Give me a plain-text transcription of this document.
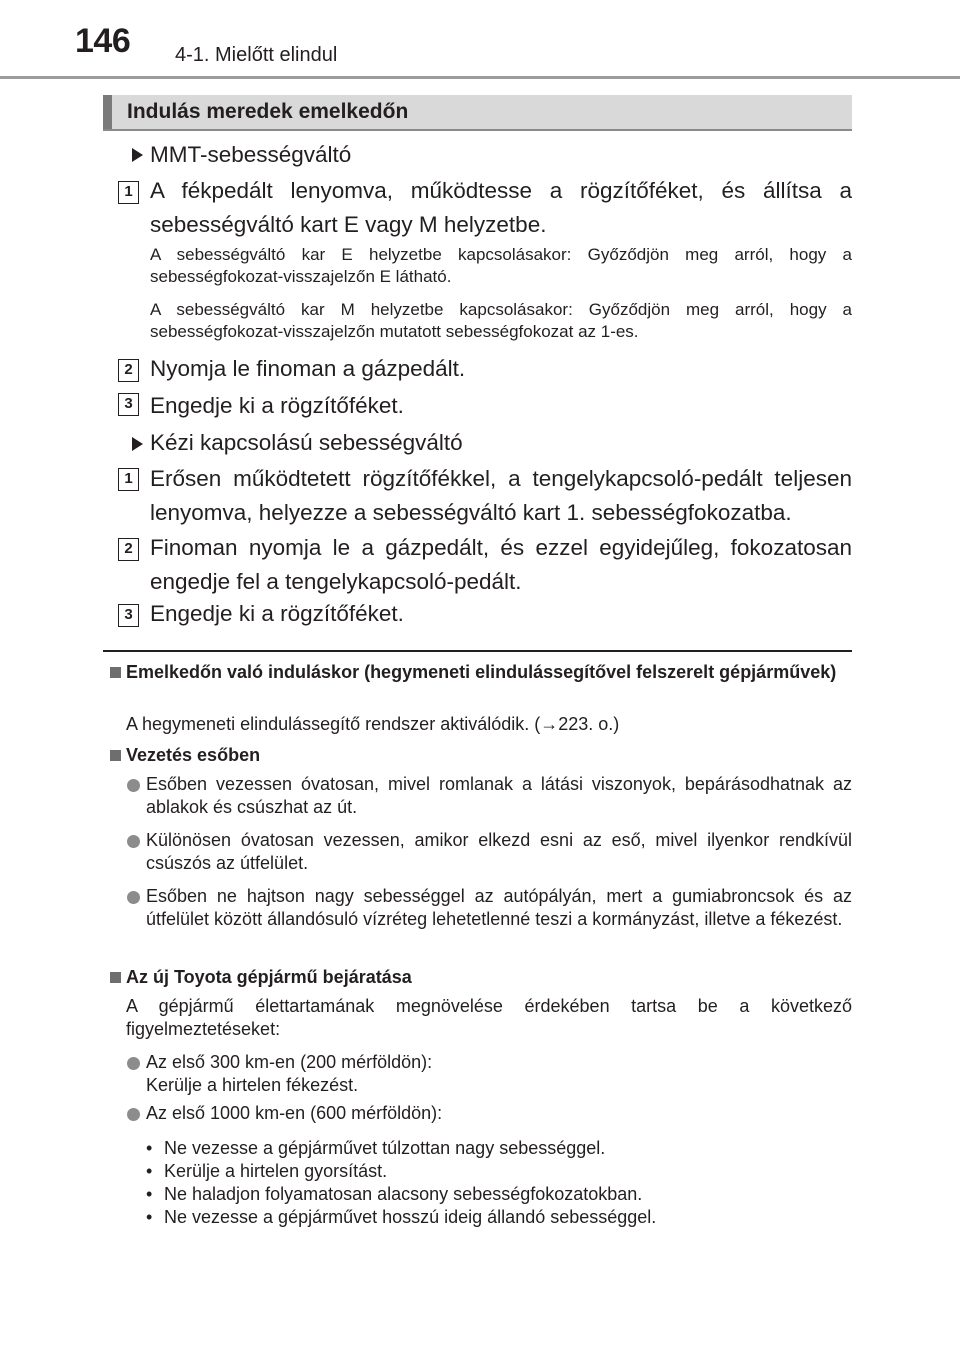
146 4-1. Mielőtt elindul
Indulás meredek emelkedőn
MMT-sebességváltó
1 A fékpedált lenyomva, működtesse a rögzítőféket, és állítsa a sebességváltó kart E vagy M helyzetbe.
A sebességváltó kar E helyzetbe kapcsolásakor: Győződjön meg arról, hogy a sebességfokozat-visszajelzőn E látható.
A sebességváltó kar M helyzetbe kapcsolásakor: Győződjön meg arról, hogy a sebességfokozat-visszajelzőn mutatott sebességfokozat az 1-es.
2 Nyomja le finoman a gázpedált.
3 Engedje ki a rögzítőféket.
Kézi kapcsolású sebességváltó
1 Erősen működtetett rögzítőfékkel, a tengelykapcsoló-pedált teljesen lenyomva, helyezze a sebességváltó kart 1. sebességfokozatba.
2 Finoman nyomja le a gázpedált, és ezzel egyidejűleg, fokozatosan engedje fel a tengelykapcsoló-pedált.
3 Engedje ki a rögzítőféket.
Emelkedőn való induláskor (hegymeneti elindulássegítővel felszerelt gépjárművek)
A hegymeneti elindulássegítő rendszer aktiválódik. (→223. o.)
Vezetés esőben
Esőben vezessen óvatosan, mivel romlanak a látási viszonyok, bepárásodhatnak az ablakok és csúszhat az út.
Különösen óvatosan vezessen, amikor elkezd esni az eső, mivel ilyenkor rendkívül csúszós az útfelület.
Esőben ne hajtson nagy sebességgel az autópályán, mert a gumiabroncsok és az útfelület között állandósuló vízréteg lehetetlenné teszi a kormányzást, illetve a fékezést.
Az új Toyota gépjármű bejáratása
A gépjármű élettartamának megnövelése érdekében tartsa be a következő figyelmeztetéseket:
Az első 300 km-en (200 mérföldön):
Kerülje a hirtelen fékezést.
Az első 1000 km-en (600 mérföldön):
• Ne vezesse a gépjárművet túlzottan nagy sebességgel.
• Kerülje a hirtelen gyorsítást.
• Ne haladjon folyamatosan alacsony sebességfokozatokban.
• Ne vezesse a gépjárművet hosszú ideig állandó sebességgel.
